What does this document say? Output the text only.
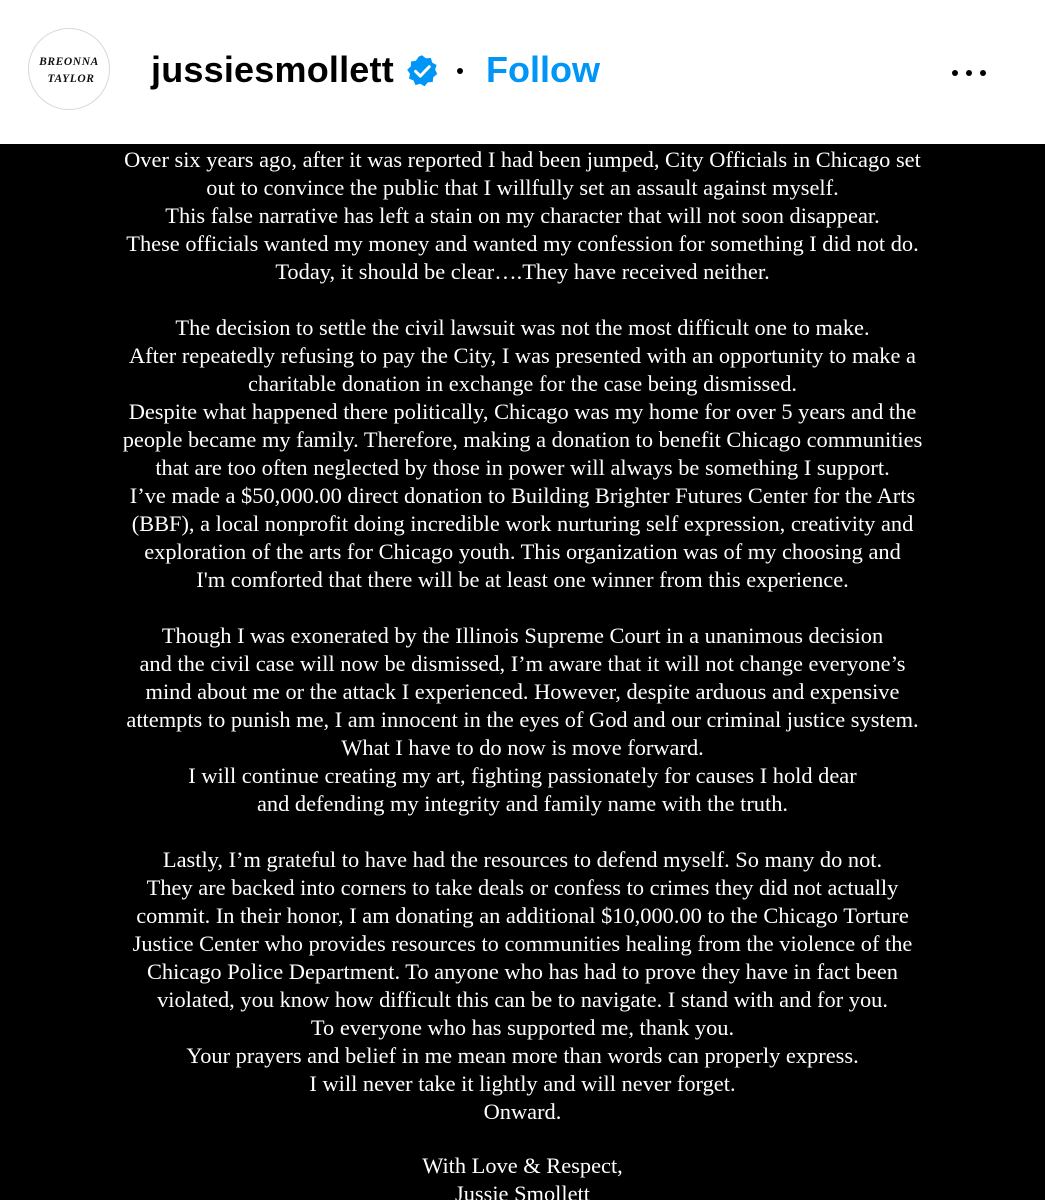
BREONNA
TAYLOR jussiesmollett	Follow

Over six years ago, after it was reported I had been jumped, City Officials in Chicago set
out to convince the public that I willfully set an assault against myself.
This false narrative has left a stain on my character that will not soon disappear.
These officials wanted my money and wanted my confession for something I did not do.
Today, it should be clear….They have received neither.

The decision to settle the civil lawsuit was not the most difficult one to make.
After repeatedly refusing to pay the City, I was presented with an opportunity to make a
charitable donation in exchange for the case being dismissed.
Despite what happened there politically, Chicago was my home for over 5 years and the
people became my family. Therefore, making a donation to benefit Chicago communities
that are too often neglected by those in power will always be something I support.
I’ve made a $50,000.00 direct donation to Building Brighter Futures Center for the Arts
(BBF), a local nonprofit doing incredible work nurturing self expression, creativity and
exploration of the arts for Chicago youth. This organization was of my choosing and
I'm comforted that there will be at least one winner from this experience.

Though I was exonerated by the Illinois Supreme Court in a unanimous decision
and the civil case will now be dismissed, I’m aware that it will not change everyone’s
mind about me or the attack I experienced. However, despite arduous and expensive
attempts to punish me, I am innocent in the eyes of God and our criminal justice system.
What I have to do now is move forward.
I will continue creating my art, fighting passionately for causes I hold dear
and defending my integrity and family name with the truth.

Lastly, I’m grateful to have had the resources to defend myself. So many do not.
They are backed into corners to take deals or confess to crimes they did not actually
commit. In their honor, I am donating an additional $10,000.00 to the Chicago Torture
Justice Center who provides resources to communities healing from the violence of the
Chicago Police Department. To anyone who has had to prove they have in fact been
violated, you know how difficult this can be to navigate. I stand with and for you.
To everyone who has supported me, thank you.
Your prayers and belief in me mean more than words can properly express.
I will never take it lightly and will never forget.
Onward.

With Love & Respect,
Jussie Smollett
